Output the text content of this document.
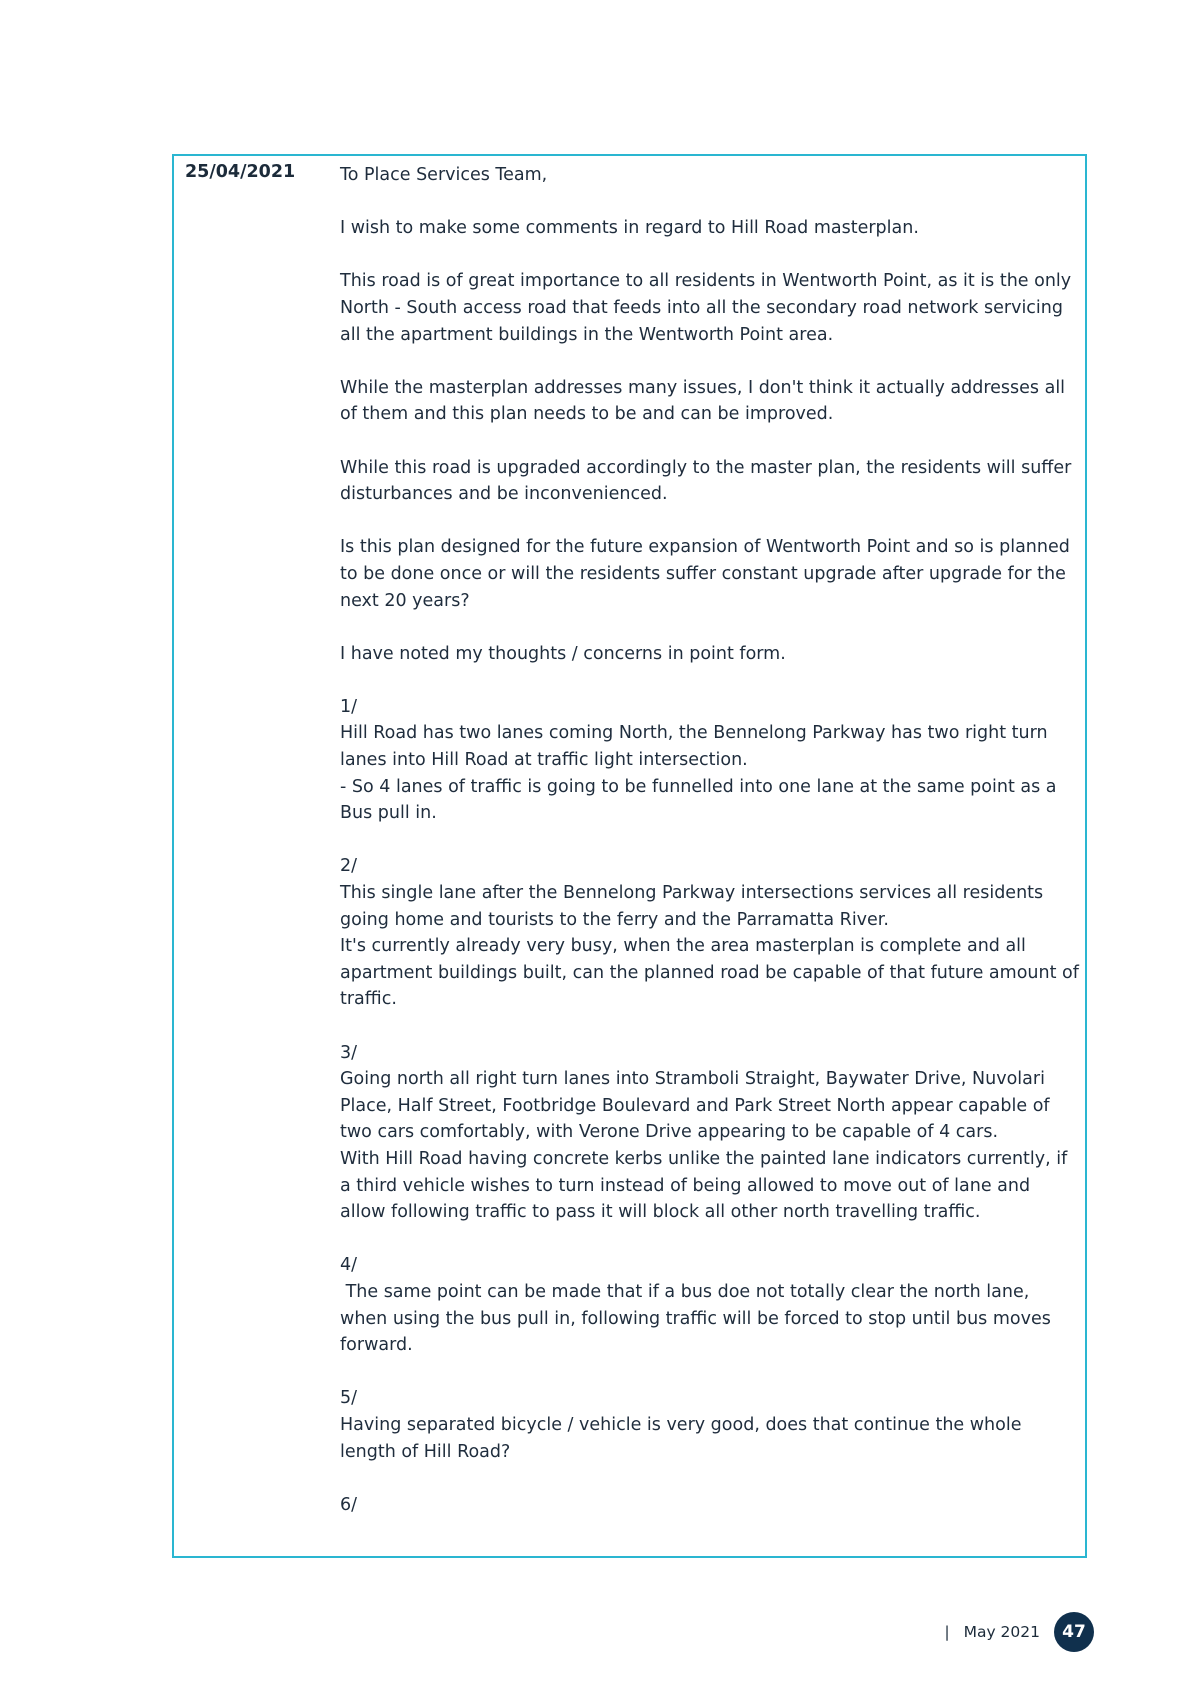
25/04/2021	To Place Services Team,

I wish to make some comments in regard to Hill Road masterplan.

This road is of great importance to all residents in Wentworth Point, as it is the only North - South access road that feeds into all the secondary road network servicing all the apartment buildings in the Wentworth Point area.

While the masterplan addresses many issues, I don't think it actually addresses all of them and this plan needs to be and can be improved.

While this road is upgraded accordingly to the master plan, the residents will suffer disturbances and be inconvenienced.

Is this plan designed for the future expansion of Wentworth Point and so is planned to be done once or will the residents suffer constant upgrade after upgrade for the next 20 years?

I have noted my thoughts / concerns in point form.

1/
Hill Road has two lanes coming North, the Bennelong Parkway has two right turn lanes into Hill Road at traffic light intersection.
- So 4 lanes of traffic is going to be funnelled into one lane at the same point as a Bus pull in.
2/
This single lane after the Bennelong Parkway intersections services all residents going home and tourists to the ferry and the Parramatta River.
It's currently already very busy, when the area masterplan is complete and all apartment buildings built, can the planned road be capable of that future amount of traffic.
3/
Going north all right turn lanes into Stramboli Straight, Baywater Drive, Nuvolari Place, Half Street, Footbridge Boulevard and Park Street North appear capable of two cars comfortably, with Verone Drive appearing to be capable of 4 cars.
With Hill Road having concrete kerbs unlike the painted lane indicators currently, if a third vehicle wishes to turn instead of being allowed to move out of lane and allow following traffic to pass it will block all other north travelling traffic.
4/
The same point can be made that if a bus doe not totally clear the north lane, when using the bus pull in, following traffic will be forced to stop until bus moves forward.
5/
Having separated bicycle / vehicle is very good, does that continue the whole length of Hill Road?
6/
| May 2021	47
